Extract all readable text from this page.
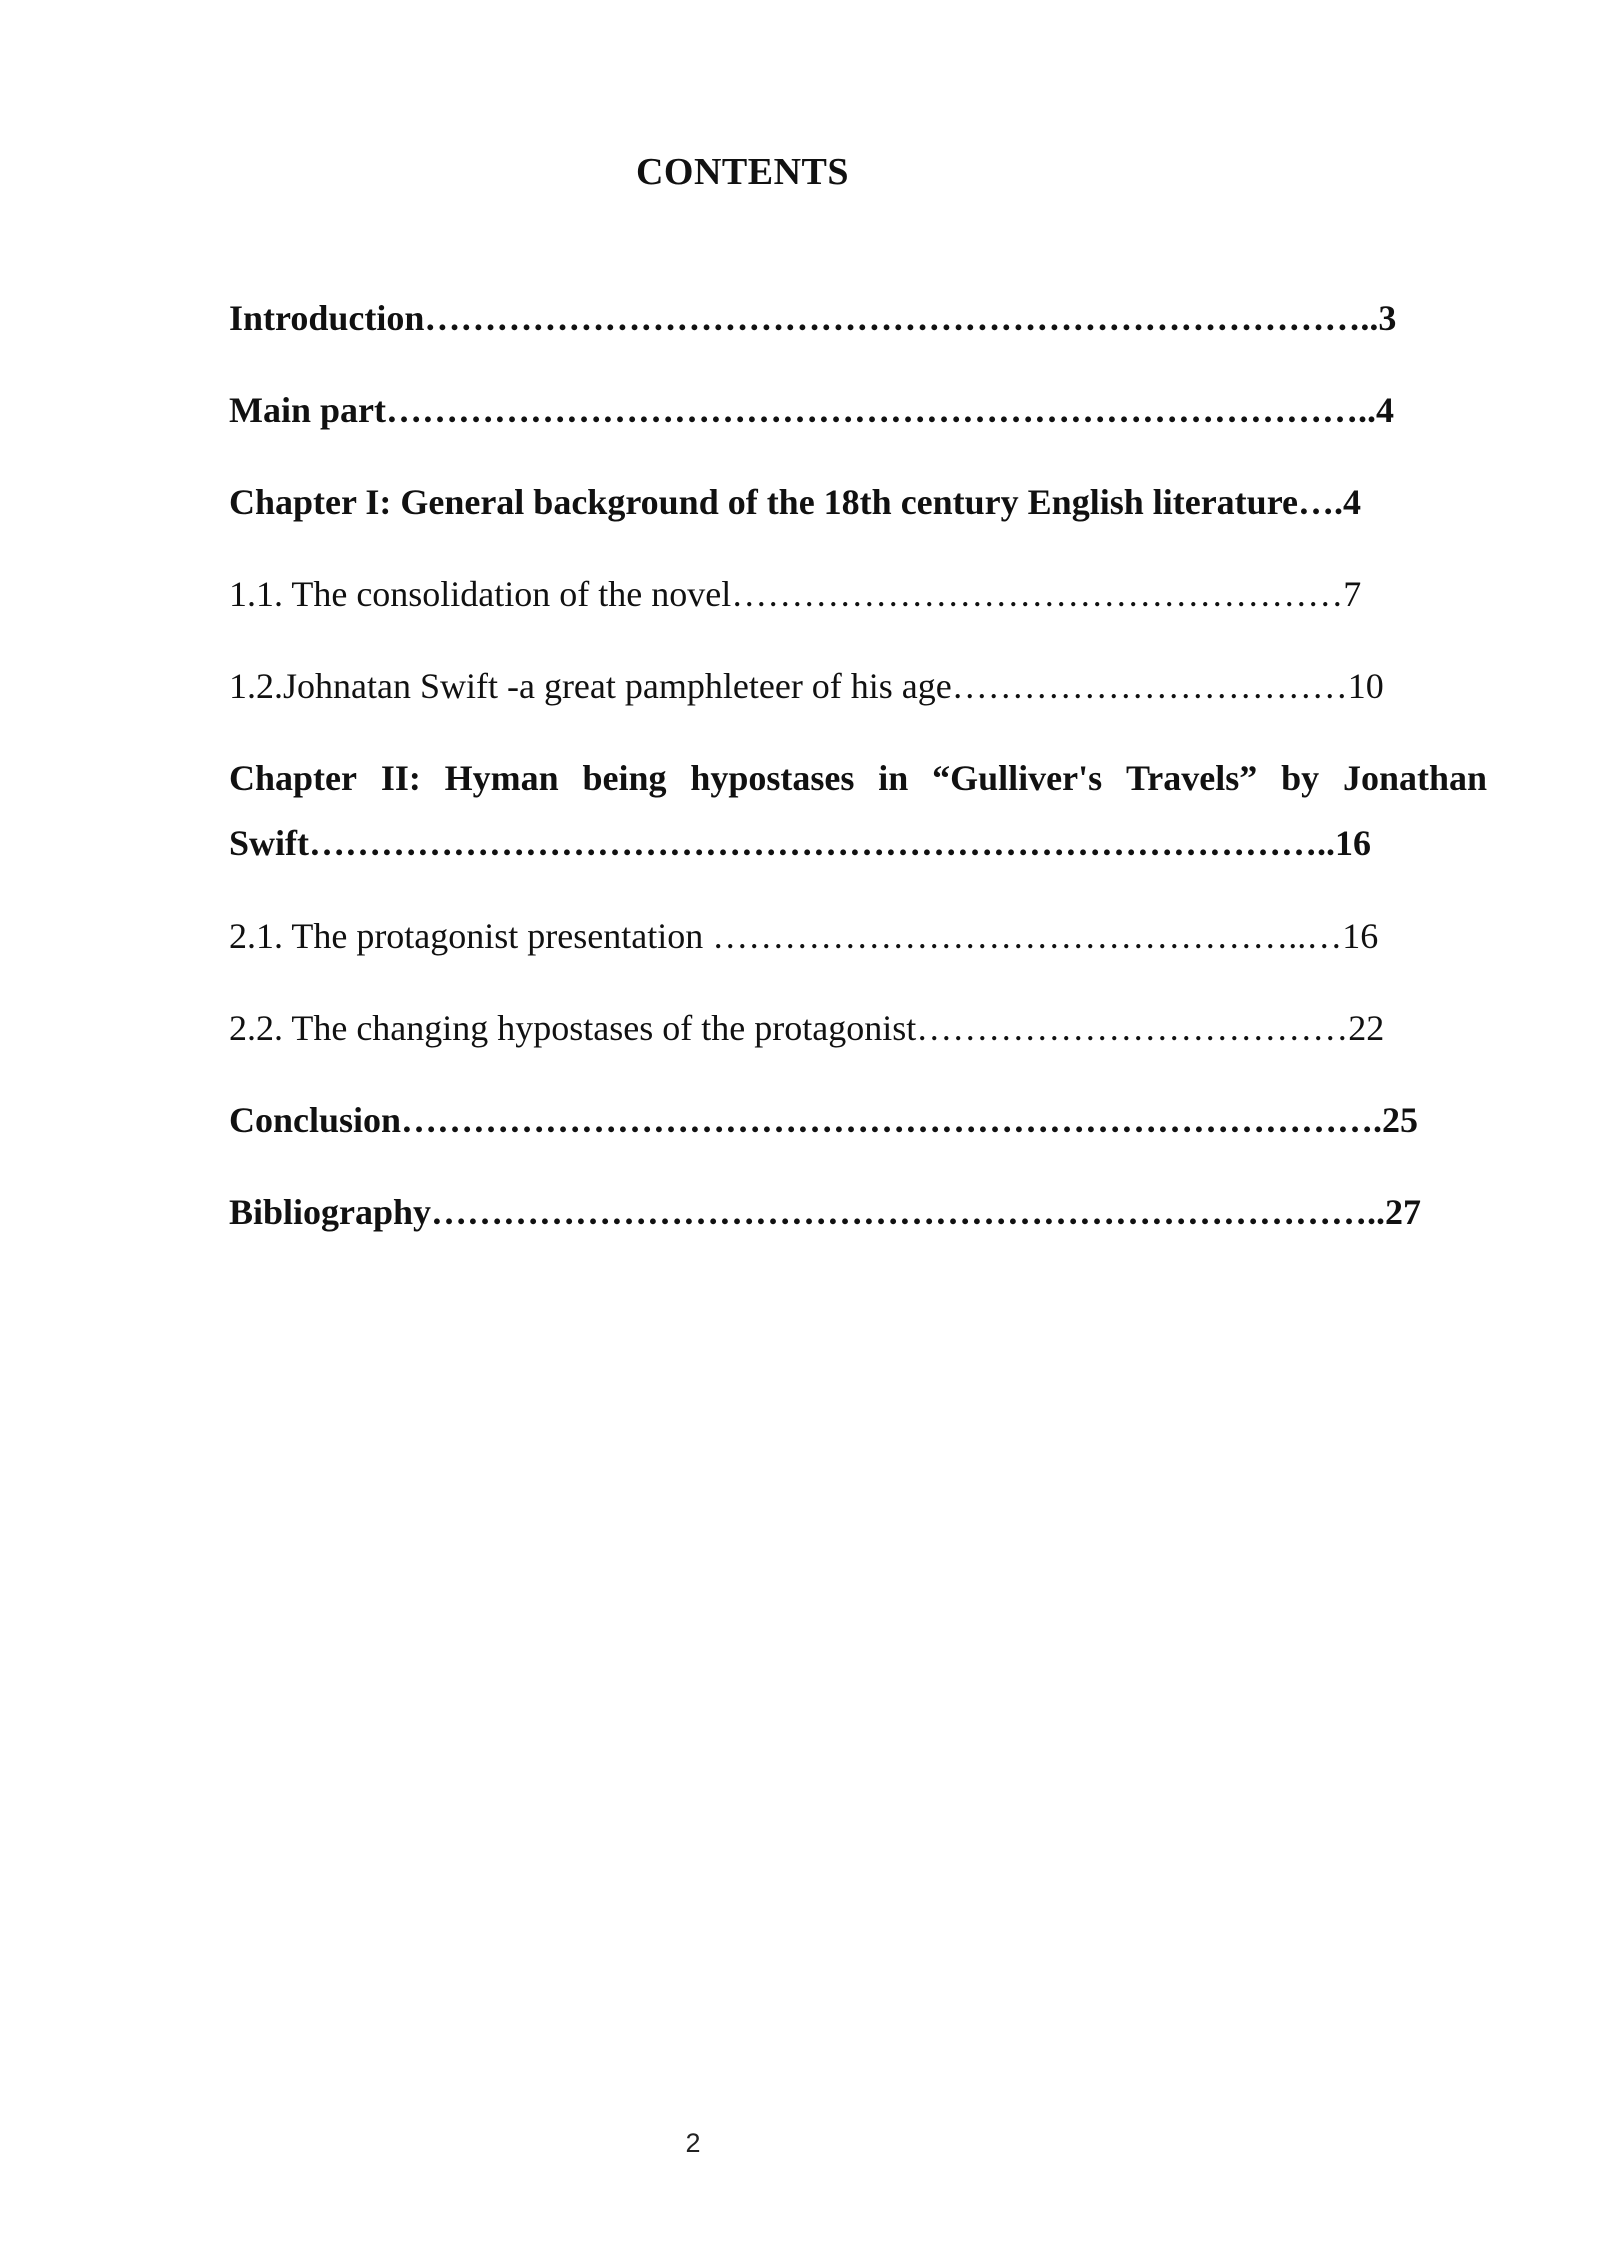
CONTENTS
Introduction……………………………………………………………………..3
Main part………………………………………………………………………..4
Chapter I: General background of the 18th century English literature….4
1.1. The consolidation of the novel……………………………………………7
1.2.Johnatan Swift -a great pamphleteer of his age……………………………10
Chapter II: Hyman being hypostases in “Gulliver's Travels” by Jonathan
Swift…………………………………………………………………………..16
2.1. The protagonist presentation …………………………………………..…16
2.2. The changing hypostases of the protagonist………………………………22
Conclusion……………………………………………………………………….25
Bibliography……………………………………………………………………..27
2
